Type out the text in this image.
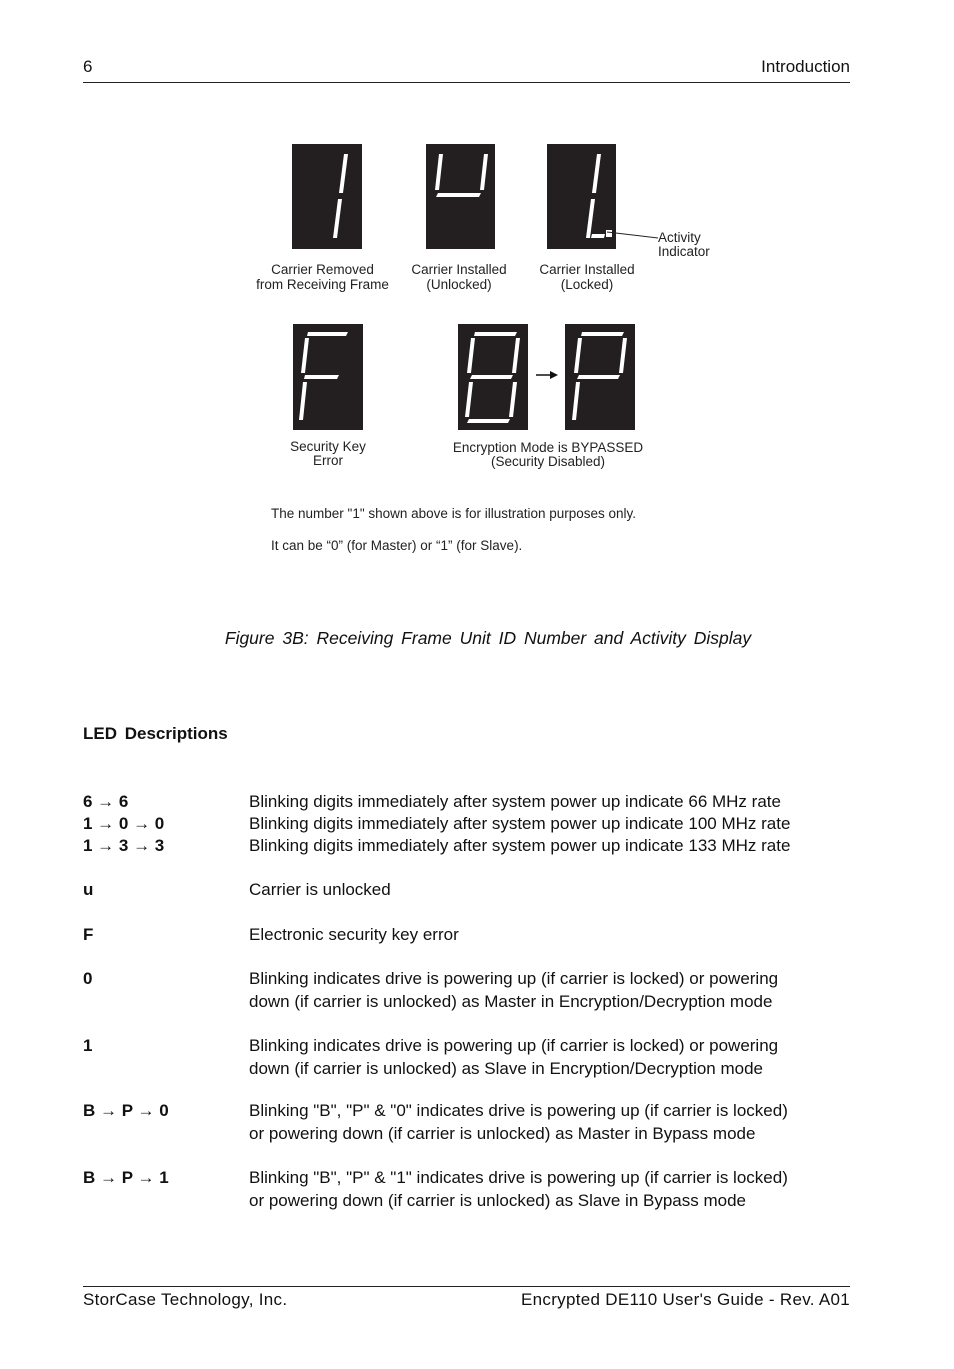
6	Introduction
Carrier Removed
from Receiving Frame
Carrier Installed
(Unlocked)
Carrier Installed
(Locked)
Activity
Indicator
Security Key
Error
Encryption Mode is BYPASSED
(Security Disabled)
The number "1" shown above is for illustration purposes only.
It can be “0” (for Master) or “1” (for Slave).
Figure 3B: Receiving Frame Unit ID Number and Activity Display
LED Descriptions
6 → 6	Blinking digits immediately after system power up indicate 66 MHz rate
1 → 0 → 0	Blinking digits immediately after system power up indicate 100 MHz rate
1 → 3 → 3	Blinking digits immediately after system power up indicate 133 MHz rate
u	Carrier is unlocked
F	Electronic security key error
0	Blinking indicates drive is powering up (if carrier is locked) or powering
down (if carrier is unlocked) as Master in Encryption/Decryption mode
1	Blinking indicates drive is powering up (if carrier is locked) or powering
down (if carrier is unlocked) as Slave in Encryption/Decryption mode
B → P → 0	Blinking "B", "P" & "0" indicates drive is powering up (if carrier is locked)
or powering down (if carrier is unlocked) as Master in Bypass mode
B → P → 1	Blinking "B", "P" & "1" indicates drive is powering up (if carrier is locked)
or powering down (if carrier is unlocked) as Slave in Bypass mode
StorCase Technology, Inc.	Encrypted DE110 User's Guide - Rev. A01
